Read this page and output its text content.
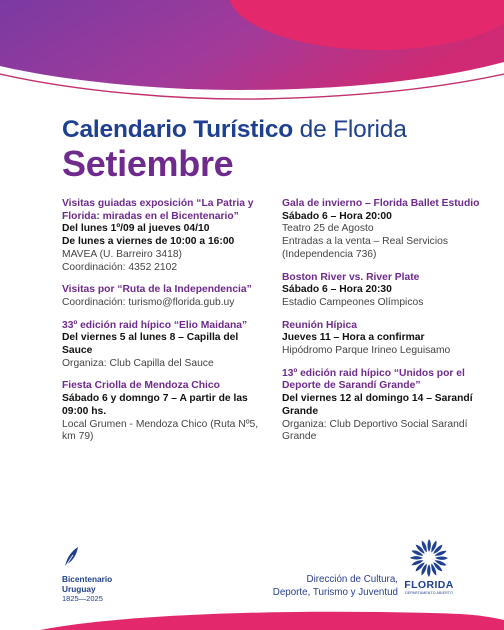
Calendario Turístico de Florida
Setiembre
Visitas guiadas exposición “La Patria y Florida: miradas en el Bicentenario”
Del lunes 1º/09 al jueves 04/10
De lunes a viernes de 10:00 a 16:00
MAVEA (U. Barreiro 3418)
Coordinación: 4352 2102
Visitas por “Ruta de la Independencia”
Coordinación: turismo@florida.gub.uy
33º edición raid hípico “Elio Maidana”
Del viernes 5 al lunes 8 – Capilla del Sauce
Organiza: Club Capilla del Sauce
Fiesta Criolla de Mendoza Chico
Sábado 6 y domngo 7 – A partir de las 09:00 hs.
Local Grumen - Mendoza Chico (Ruta Nº5, km 79)
Gala de invierno – Florida Ballet Estudio
Sábado 6 – Hora 20:00
Teatro 25 de Agosto
Entradas a la venta – Real Servicios (Independencia 736)
Boston River vs. River Plate
Sábado 6 – Hora 20:30
Estadio Campeones Olímpicos
Reunión Hípica
Jueves 11 – Hora a confirmar
Hipódromo Parque Irineo Leguisamo
13º edición raid hípico “Unidos por el Deporte de Sarandí Grande”
Del viernes 12 al domingo 14 – Sarandí Grande
Organiza: Club Deportivo Social Sarandí Grande
Bicentenario
Uruguay
1825—2025
Dirección de Cultura,
Deporte, Turismo y Juventud
FLORIDA
DEPARTAMENTO ABIERTO
